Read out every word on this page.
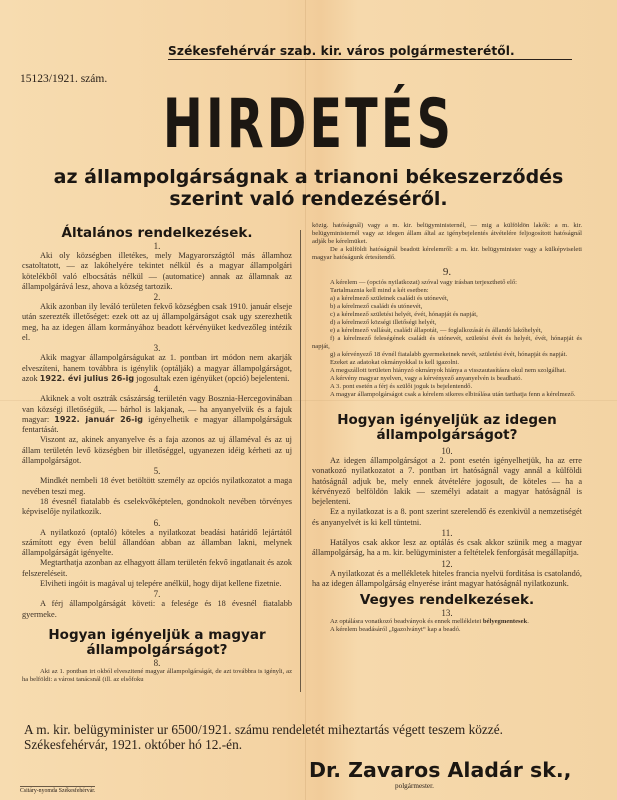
Székesfehérvár szab. kir. város polgármesterétől.
15123/1921. szám.
HIRDETÉS
az állampolgárságnak a trianoni békeszerződés
szerint való rendezéséről.
Általános rendelkezések.
1.

Aki oly községben illetékes, mely Magyarországtól más államhoz csatoltatott, — az lakóhelyére tekintet nélkül és a magyar állampolgári kötelékből való elbocsátás nélkül — (automatice) annak az államnak az állampolgárává lesz, ahova a község tartozik.

2.

Akik azonban ily leváló területen fekvő községben csak 1910. január elseje után szerezték illetőséget: ezek ott az uj állampolgárságot csak ugy szerezhetik meg, ha az idegen állam kormányához beadott kérvényüket kedvezőleg intézik el.

3.

Akik magyar állampolgárságukat az 1. pontban irt módon nem akarják elveszíteni, hanem továbbra is igénylik (optálják) a magyar állampolgárságot, azok 1922. évi julius 26-ig jogosultak ezen igényüket (opció) bejelenteni.

4.

Akiknek a volt osztrák császárság területén vagy Bosznia-Hercegovinában van községi illetőségük, — bárhol is lakjanak, — ha anyanyelvük és a fajuk magyar: 1922. január 26-ig igényelhetik e magyar állampolgárságuk fentartását.

Viszont az, akinek anyanyelve és a faja azonos az uj államéval és az uj állam területén levő községben bir illetőséggel, ugyanezen idéig kérheti az uj állampolgárságot.

5.

Mindkét nembeli 18 évet betöltött személy az opciós nyilatkozatot a maga nevében teszi meg.

18 évesnél fiatalabb és cselekvőképtelen, gondnokolt nevében törvényes képviselője nyilatkozik.

6.

A nyilatkozó (optaló) köteles a nyilatkozat beadási határidő lejártától számított egy éven belül állandóan abban az államban lakni, melynek állampolgárságát igényelte.

Megtarthatja azonban az elhagyott állam területén fekvő ingatlanait és azok felszereléseit.

Elviheti ingóit is magával uj telepére anélkül, hogy dijat kellene fizetnie.

7.

A férj állampolgárságát követi: a felesége és 18 évesnél fiatalabb gyermeke.

Hogyan igényeljük a magyar állampolgárságot?
8.

Aki az 1. pontban irt okból elveszitené magyar állampolgárságát, de azt továbbra is igényli, az ha belföldi: a városi tanácsnál (ill. az elsőfoku

közig. hatóságnál) vagy a m. kir. belügyministernél, — mig a külföldön lakók: a m. kir. belügyministernél vagy az idegen állam által az igénybejelentés átvételére feljogosított hatóságnál adják be kérelmüket.

De a külföldi hatóságnál beadott kérelemről: a m. kir. belügyminister vagy a külképviseleti magyar hatóságunk értesítendő.

9.

A kérelem — (opciós nyilatkozat) szóval vagy irásban terjeszthető elő:

Tartalmaznia kell mind a két esetben:

a) a kérelmező szüleinek családi és utónevét,

b) a kérelmező családi és utónevét,

c) a kérelmező születési helyét, évét, hónapját és napját,

d) a kérelmező községi illetőségi helyét,

e) a kérelmező vallását, családi állapotát, — foglalkozását és állandó lakóhelyét,

f) a kérelmező feleségének családi és utónevét, születési évét és helyét, évét, hónapját és napját,

g) a kérvényező 18 évnél fiatalabb gyermekeinek nevét, születési évét, hónapját és napját.

Ezeket az adatokat okmányokkal is kell igazolni.

A megszállott területen hiányzó okmányok hiánya a visszautasításra okul nem szolgálhat.

A kérvény magyar nyelven, vagy a kérvényező anyanyelvén is beadható.

A 3. pont esetén a férj és szülői joguk is bejelentendő.

A magyar állampolgárságot csak a kérelem sikeres elbirálása után tarthatja fenn a kérelmező.

Hogyan igényeljük az idegen állampolgárságot?
10.

Az idegen állampolgárságot a 2. pont esetén igényelhetjük, ha az erre vonatkozó nyilatkozatot a 7. pontban irt hatóságnál vagy annál a külföldi hatóságnál adjuk be, mely ennek átvételére jogosult, de köteles — ha a kérvényező belföldön lakik — személyi adatait a magyar hatóságnál is bejelenteni.

Ez a nyilatkozat is a 8. pont szerint szerelendő és ezenkivül a nemzetiségét és anyanyelvét is ki kell tüntetni.

11.

Hatályos csak akkor lesz az optálás és csak akkor szünik meg a magyar állampolgárság, ha a m. kir. belügyminister a feltételek fenforgását megállapítja.

12.

A nyilatkozat és a mellékletek hiteles francia nyelvü forditása is csatolandó, ha az idegen állampolgárság elnyerése iránt magyar hatóságnál nyilatkozunk.

Vegyes rendelkezések.
13.

Az optálásra vonatkozó beadványok és ennek mellékletei bélyegmentesek.

A kérelem beadásáról „Igazolványt“ kap a beadó.

A m. kir. belügyminister ur 6500/1921. számu rendeletét miheztartás végett teszem közzé.
Székesfehérvár, 1921. október hó 12.-én.
Dr. Zavaros Aladár sk.,
polgármester.
Csitáry-nyomda Székesfehérvár.
